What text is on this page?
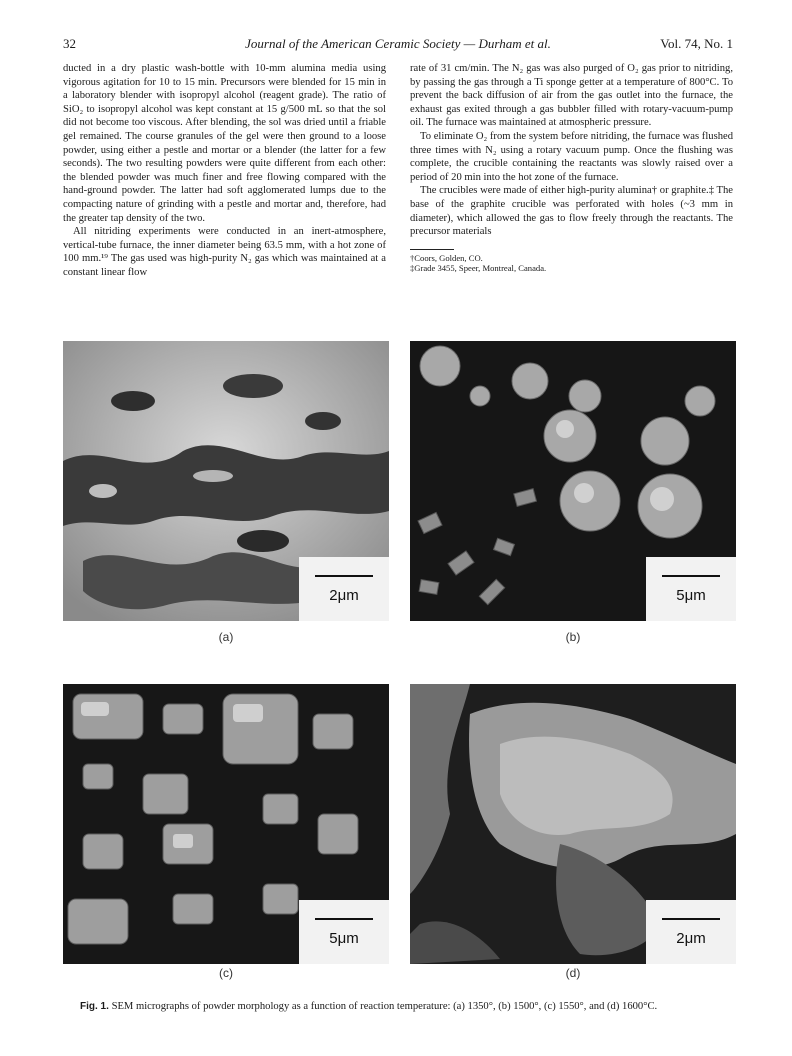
32	Journal of the American Ceramic Society — Durham et al.	Vol. 74, No. 1

ducted in a dry plastic wash-bottle with 10-mm alumina media using vigorous agitation for 10 to 15 min. Precursors were blended for 15 min in a laboratory blender with isopropyl alcohol (reagent grade). The ratio of SiO₂ to isopropyl alcohol was kept constant at 15 g/500 mL so that the sol did not become too viscous. After blending, the sol was dried until a friable gel remained. The course granules of the gel were then ground to a loose powder, using either a pestle and mortar or a blender (the latter for a few seconds). The two resulting powders were quite different from each other: the blended powder was much finer and free flowing compared with the hand-ground powder. The latter had soft agglomerated lumps due to the compacting nature of grinding with a pestle and mortar and, therefore, had the greater tap density of the two.

All nitriding experiments were conducted in an inert-atmosphere, vertical-tube furnace, the inner diameter being 63.5 mm, with a hot zone of 100 mm.¹⁹ The gas used was high-purity N₂ gas which was maintained at a constant linear flow

rate of 31 cm/min. The N₂ gas was also purged of O₂ gas prior to nitriding, by passing the gas through a Ti sponge getter at a temperature of 800°C. To prevent the back diffusion of air from the gas outlet into the furnace, the exhaust gas exited through a gas bubbler filled with rotary-vacuum-pump oil. The furnace was maintained at atmospheric pressure.

To eliminate O₂ from the system before nitriding, the furnace was flushed three times with N₂ using a rotary vacuum pump. Once the flushing was complete, the crucible containing the reactants was slowly raised over a period of 20 min into the hot zone of the furnace.

The crucibles were made of either high-purity alumina† or graphite.‡ The base of the graphite crucible was perforated with holes (~3 mm in diameter), which allowed the gas to flow freely through the reactants. The precursor materials

†Coors, Golden, CO.

‡Grade 3455, Speer, Montreal, Canada.

2μm
(a)
5μm
(b)
5μm
(c)
2μm
(d)
Fig. 1. SEM micrographs of powder morphology as a function of reaction temperature: (a) 1350°, (b) 1500°, (c) 1550°, and (d) 1600°C.
